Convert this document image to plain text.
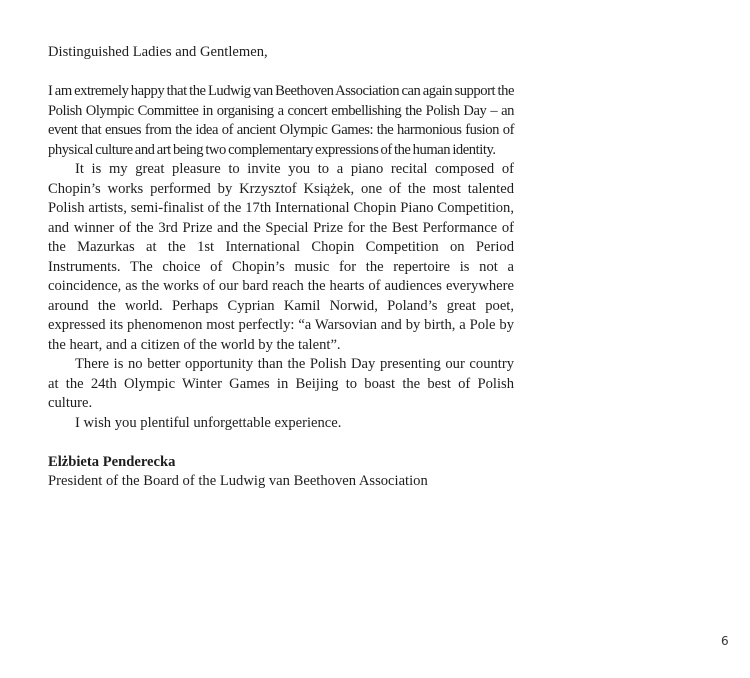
Distinguished Ladies and Gentlemen,

I am extremely happy that the Ludwig van Beethoven Association can again support the Polish Olympic Committee in organising a concert embellishing the Polish Day – an event that ensues from the idea of ancient Olympic Games: the harmonious fusion of physical culture and art being two complementary expressions of the human identity.

It is my great pleasure to invite you to a piano recital composed of Chopin’s works performed by Krzysztof Książek, one of the most talented Polish artists, semi-finalist of the 17th International Chopin Piano Competition, and winner of the 3rd Prize and the Special Prize for the Best Performance of the Mazurkas at the 1st International Chopin Competition on Period Instruments. The choice of Chopin’s music for the repertoire is not a coincidence, as the works of our bard reach the hearts of audiences everywhere around the world. Perhaps Cyprian Kamil Norwid, Poland’s great poet, expressed its phenomenon most perfectly: “a Warsovian and by birth, a Pole by the heart, and a citizen of the world by the talent”.

There is no better opportunity than the Polish Day presenting our country at the 24th Olympic Winter Games in Beijing to boast the best of Polish culture.

I wish you plentiful unforgettable experience.

Elżbieta Penderecka

President of the Board of the Ludwig van Beethoven Association

6
